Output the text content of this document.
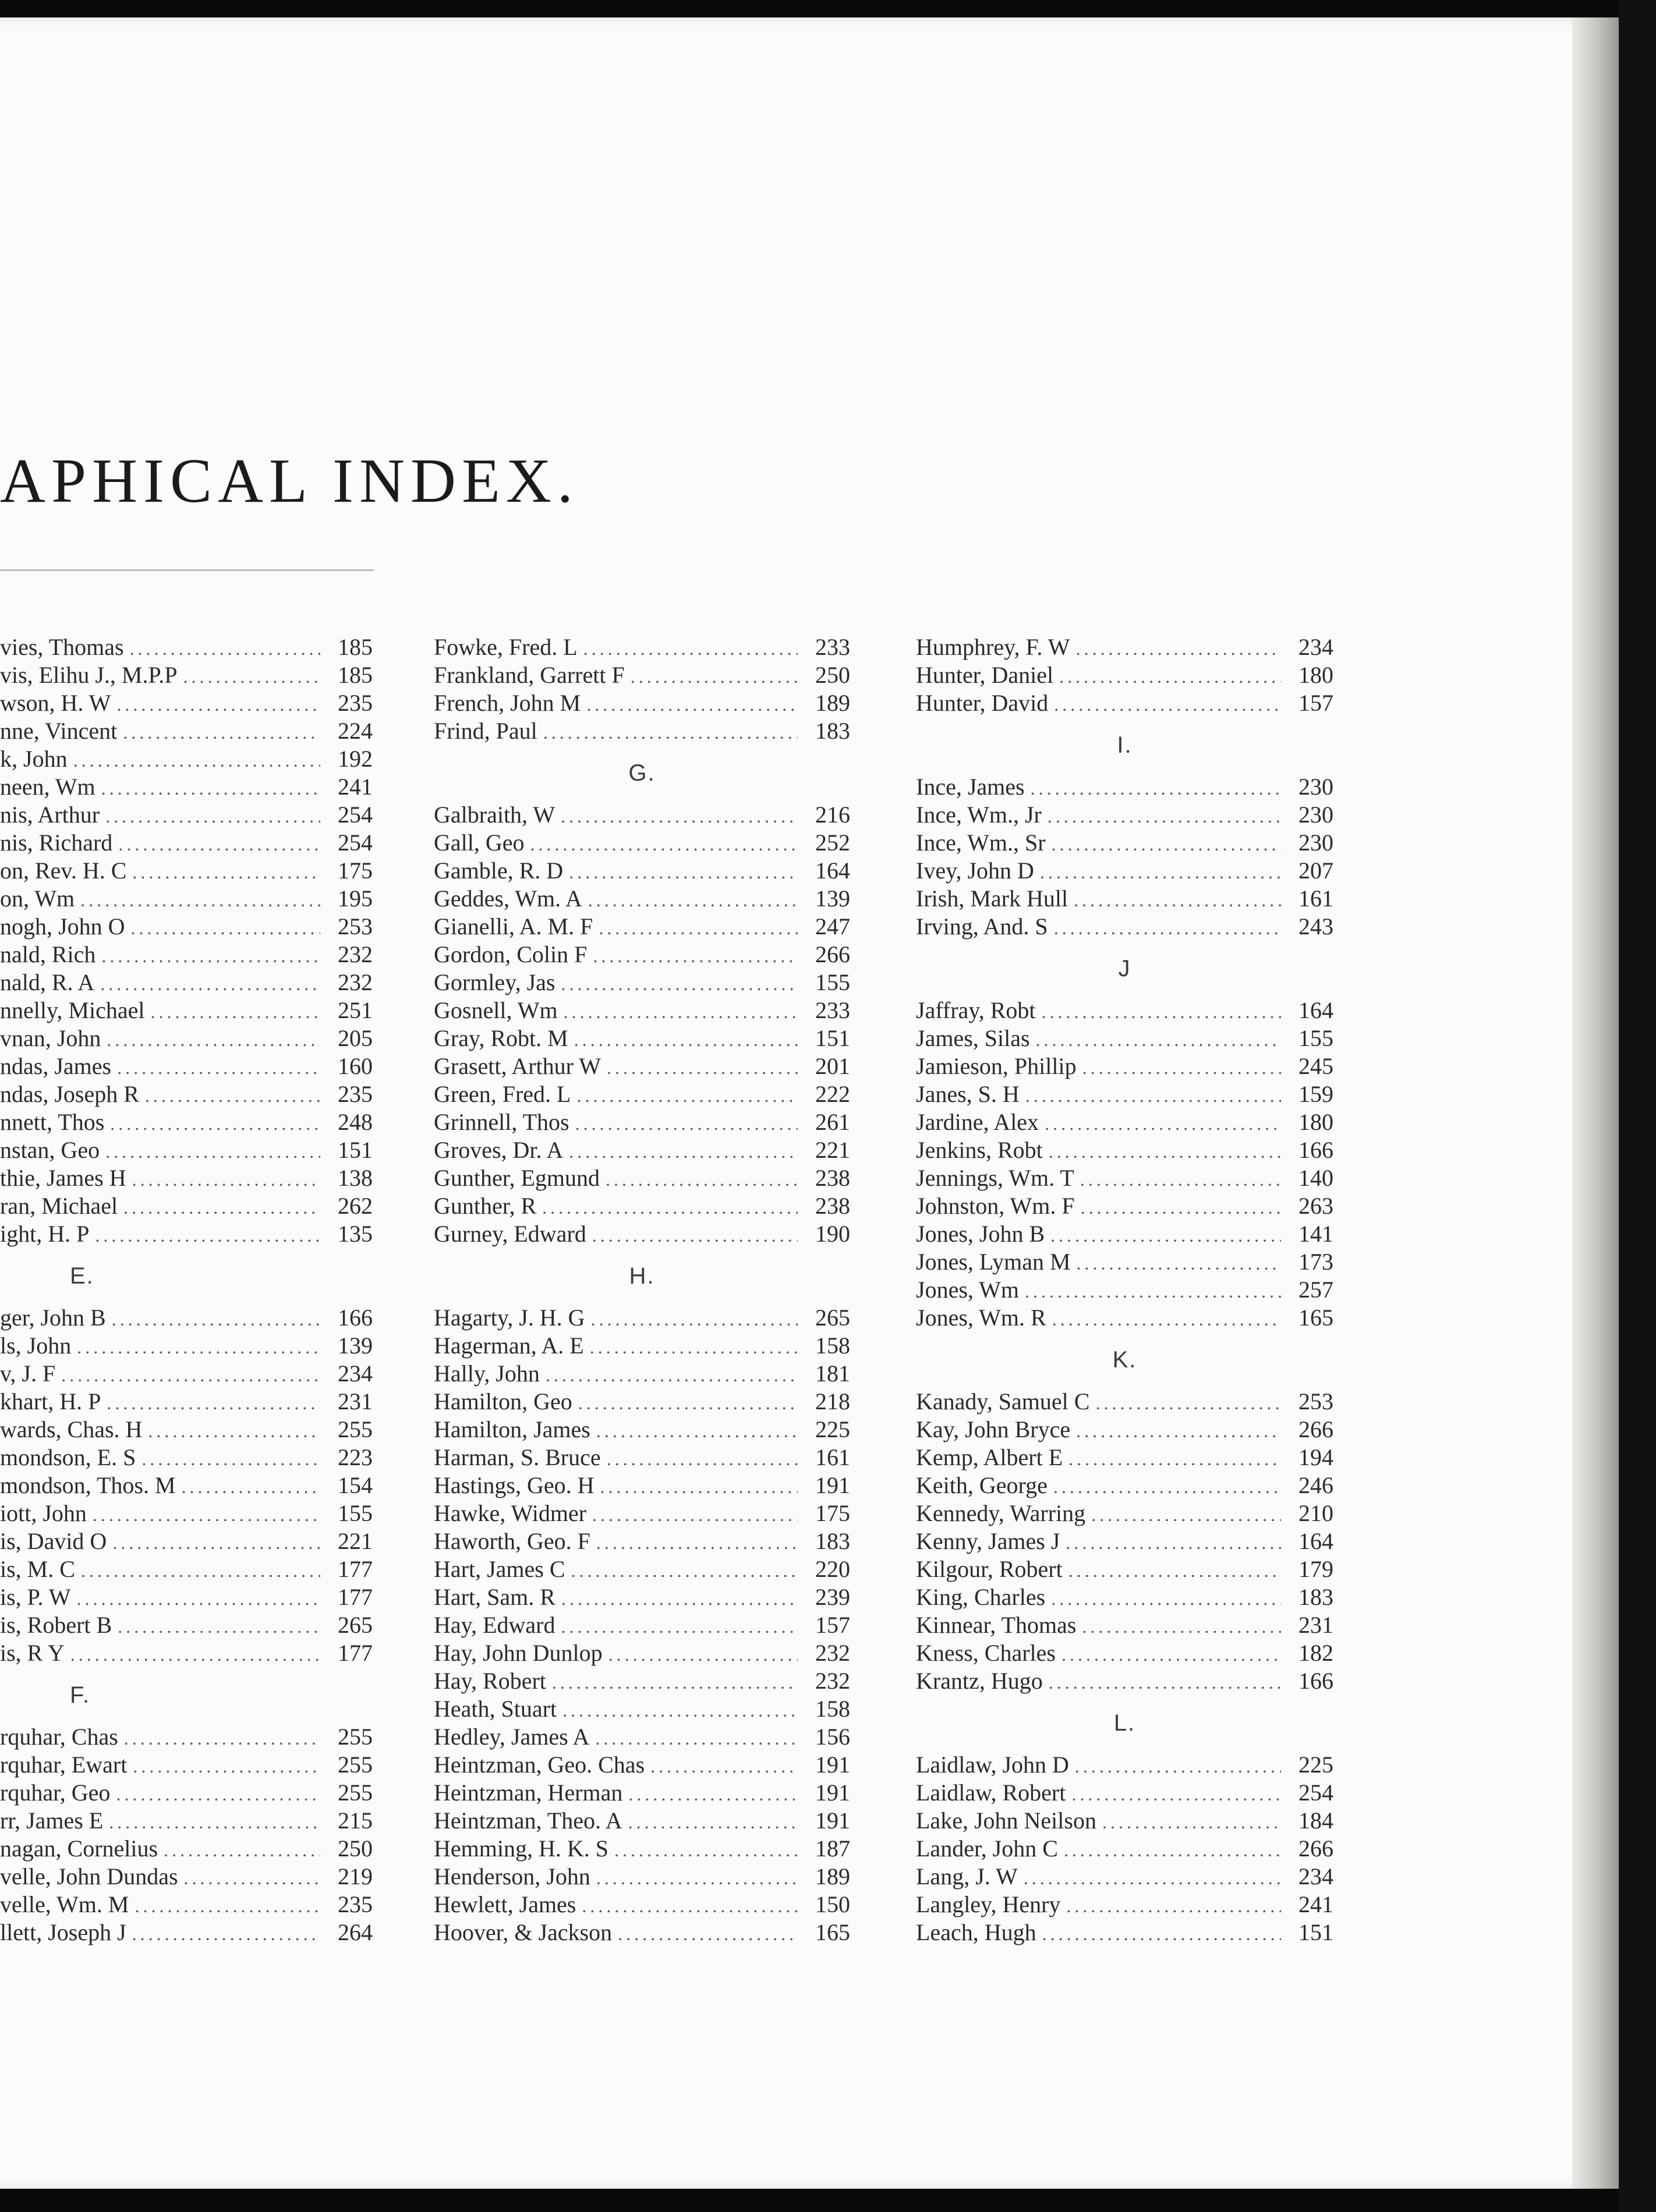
APHICAL INDEX.
vies, Thomas .....	185
vis, Elihu J., M.P.P .....	185
wson, H. W .....	235
nne, Vincent .....	224
k, John .....	192
neen, Wm .....	241
nis, Arthur .....	254
nis, Richard .....	254
on, Rev. H. C .....	175
on, Wm .....	195
nogh, John O .....	253
nald, Rich .....	232
nald, R. A .....	232
nnelly, Michael .....	251
vnan, John .....	205
ndas, James .....	160
ndas, Joseph R .....	235
nnett, Thos .....	248
nstan, Geo .....	151
thie, James H .....	138
ran, Michael .....	262
ight, H. P .....	135
E.
ger, John B .....	166
ls, John .....	139
v, J. F .....	234
khart, H. P .....	231
wards, Chas. H .....	255
mondson, E. S .....	223
mondson, Thos. M .....	154
iott, John .....	155
is, David O .....	221
is, M. C .....	177
is, P. W .....	177
is, Robert B .....	265
is, R Y .....	177
F.
rquhar, Chas .....	255
rquhar, Ewart .....	255
rquhar, Geo .....	255
rr, James E .....	215
nagan, Cornelius .....	250
velle, John Dundas .....	219
velle, Wm. M .....	235
llett, Joseph J .....	264
Fowke, Fred. L .....	233
Frankland, Garrett F .....	250
French, John M .....	189
Frind, Paul .....	183
G.
Galbraith, W .....	216
Gall, Geo .....	252
Gamble, R. D .....	164
Geddes, Wm. A .....	139
Gianelli, A. M. F .....	247
Gordon, Colin F .....	266
Gormley, Jas .....	155
Gosnell, Wm .....	233
Gray, Robt. M .....	151
Grasett, Arthur W .....	201
Green, Fred. L .....	222
Grinnell, Thos .....	261
Groves, Dr. A .....	221
Gunther, Egmund .....	238
Gunther, R .....	238
Gurney, Edward .....	190
H.
Hagarty, J. H. G .....	265
Hagerman, A. E .....	158
Hally, John .....	181
Hamilton, Geo .....	218
Hamilton, James .....	225
Harman, S. Bruce .....	161
Hastings, Geo. H .....	191
Hawke, Widmer .....	175
Haworth, Geo. F .....	183
Hart, James C .....	220
Hart, Sam. R .....	239
Hay, Edward .....	157
Hay, John Dunlop .....	232
Hay, Robert .....	232
Heath, Stuart .....	158
Hedley, James A .....	156
Heintzman, Geo. Chas .....	191
Heintzman, Herman .....	191
Heintzman, Theo. A .....	191
Hemming, H. K. S .....	187
Henderson, John .....	189
Hewlett, James .....	150
Hoover, & Jackson .....	165
Humphrey, F. W .....	234
Hunter, Daniel .....	180
Hunter, David .....	157
I.
Ince, James .....	230
Ince, Wm., Jr .....	230
Ince, Wm., Sr .....	230
Ivey, John D .....	207
Irish, Mark Hull .....	161
Irving, And. S .....	243
J
Jaffray, Robt .....	164
James, Silas .....	155
Jamieson, Phillip .....	245
Janes, S. H .....	159
Jardine, Alex .....	180
Jenkins, Robt .....	166
Jennings, Wm. T .....	140
Johnston, Wm. F .....	263
Jones, John B .....	141
Jones, Lyman M .....	173
Jones, Wm .....	257
Jones, Wm. R .....	165
K.
Kanady, Samuel C .....	253
Kay, John Bryce .....	266
Kemp, Albert E .....	194
Keith, George .....	246
Kennedy, Warring .....	210
Kenny, James J .....	164
Kilgour, Robert .....	179
King, Charles .....	183
Kinnear, Thomas .....	231
Kness, Charles .....	182
Krantz, Hugo .....	166
L.
Laidlaw, John D .....	225
Laidlaw, Robert .....	254
Lake, John Neilson .....	184
Lander, John C .....	266
Lang, J. W .....	234
Langley, Henry .....	241
Leach, Hugh .....	151
